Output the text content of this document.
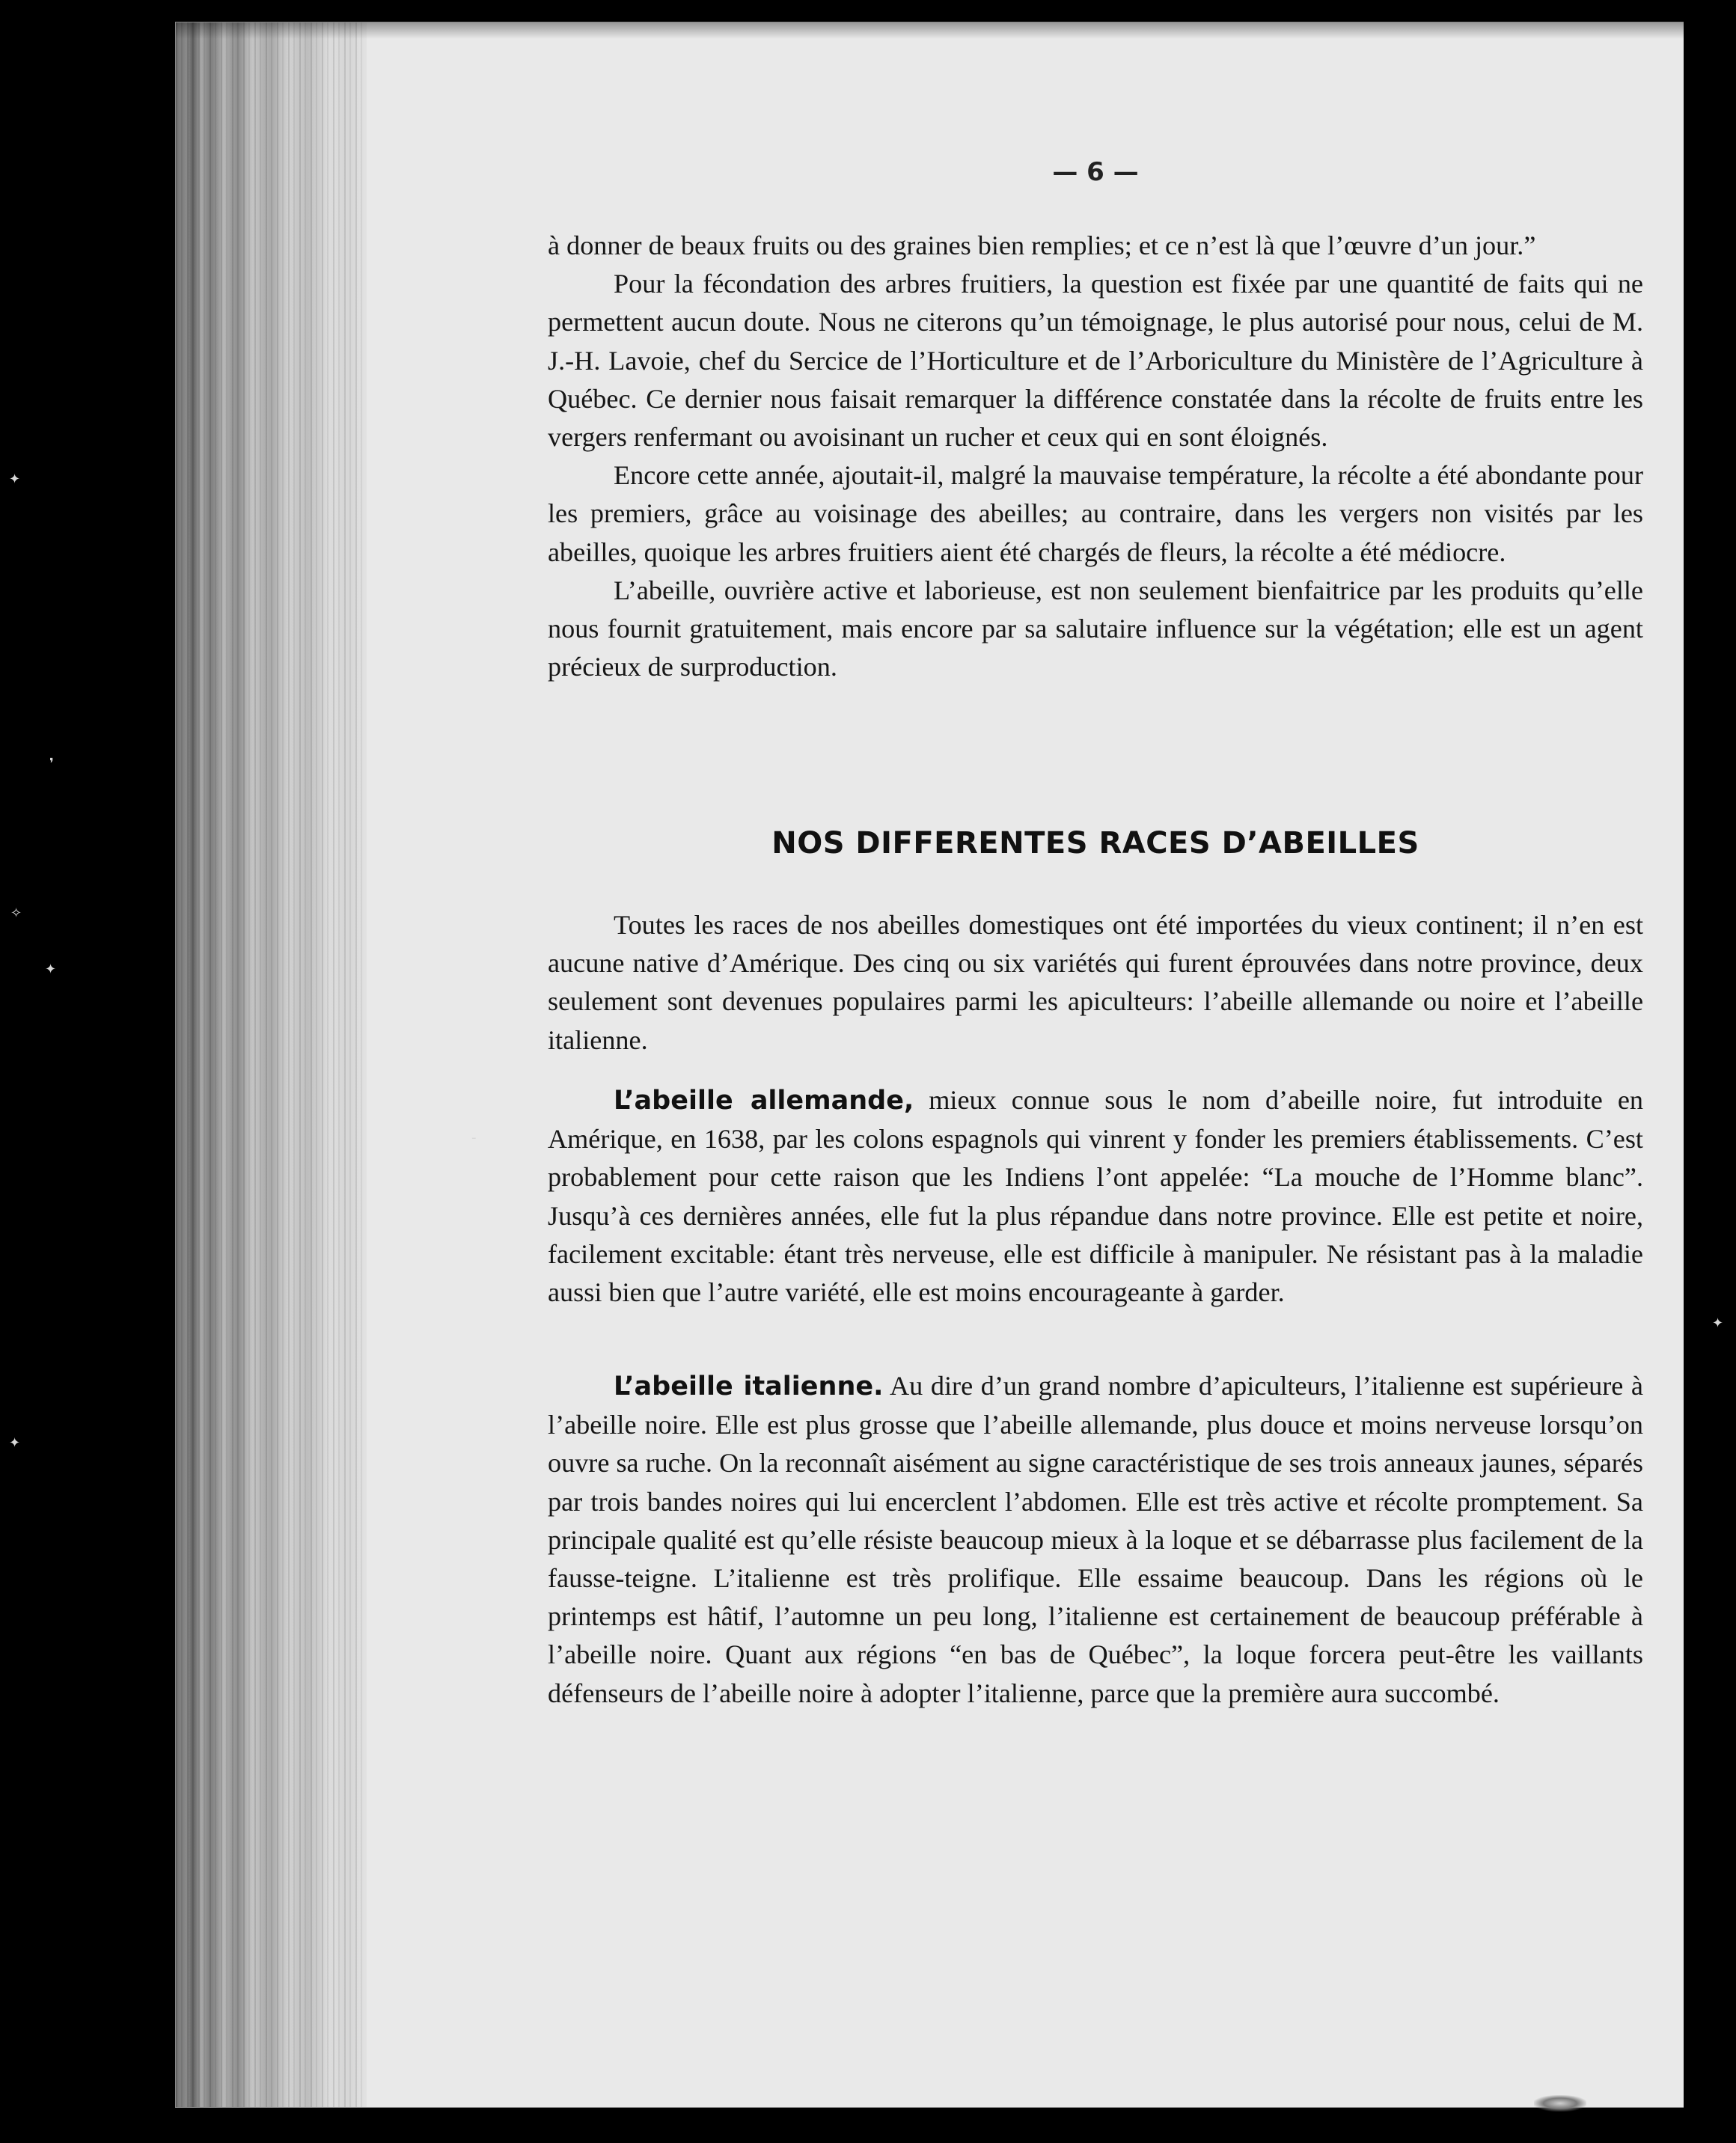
✦
❜
✧
✦
-
✦
✦
— 6 —

à donner de beaux fruits ou des graines bien remplies; et ce n’est là que l’œuvre d’un jour.”

Pour la fécondation des arbres fruitiers, la question est fixée par une quantité de faits qui ne permettent aucun doute. Nous ne citerons qu’un témoignage, le plus autorisé pour nous, celui de M. J.-H. Lavoie, chef du Sercice de l’Horticulture et de l’Arboriculture du Ministère de l’Agriculture à Québec. Ce dernier nous faisait remarquer la différence constatée dans la récolte de fruits entre les vergers renfermant ou avoisinant un rucher et ceux qui en sont éloignés.

Encore cette année, ajoutait-il, malgré la mauvaise température, la récolte a été abondante pour les premiers, grâce au voisinage des abeilles; au contraire, dans les vergers non visités par les abeilles, quoique les arbres fruitiers aient été chargés de fleurs, la récolte a été médiocre.

L’abeille, ouvrière active et laborieuse, est non seulement bienfaitrice par les produits qu’elle nous fournit gratuitement, mais encore par sa salutaire influence sur la végétation; elle est un agent précieux de surproduction.

NOS DIFFERENTES RACES D’ABEILLES

Toutes les races de nos abeilles domestiques ont été importées du vieux continent; il n’en est aucune native d’Amérique. Des cinq ou six variétés qui furent éprouvées dans notre province, deux seulement sont devenues populaires parmi les apiculteurs: l’abeille allemande ou noire et l’abeille italienne.

L’abeille allemande, mieux connue sous le nom d’abeille noire, fut introduite en Amérique, en 1638, par les colons espagnols qui vinrent y fonder les premiers établissements. C’est probablement pour cette raison que les Indiens l’ont appelée: “La mouche de l’Homme blanc”. Jusqu’à ces dernières années, elle fut la plus répandue dans notre province. Elle est petite et noire, facilement excitable: étant très nerveuse, elle est difficile à manipuler. Ne résistant pas à la maladie aussi bien que l’autre variété, elle est moins encourageante à garder.

L’abeille italienne. Au dire d’un grand nombre d’apiculteurs, l’italienne est supérieure à l’abeille noire. Elle est plus grosse que l’abeille allemande, plus douce et moins nerveuse lorsqu’on ouvre sa ruche. On la reconnaît aisément au signe caractéristique de ses trois anneaux jaunes, séparés par trois bandes noires qui lui encerclent l’abdomen. Elle est très active et récolte promptement. Sa principale qualité est qu’elle résiste beaucoup mieux à la loque et se débarrasse plus facilement de la fausse-teigne. L’italienne est très prolifique. Elle essaime beaucoup. Dans les régions où le printemps est hâtif, l’automne un peu long, l’italienne est certainement de beaucoup préférable à l’abeille noire. Quant aux régions “en bas de Québec”, la loque forcera peut-être les vaillants défenseurs de l’abeille noire à adopter l’italienne, parce que la première aura succombé.
